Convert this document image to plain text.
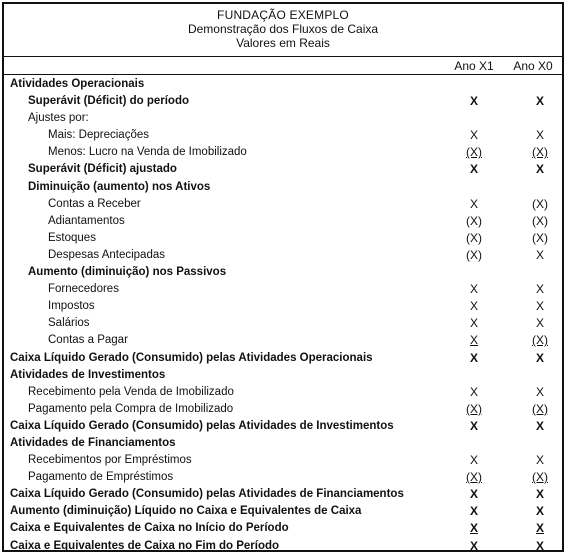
FUNDAÇÃO EXEMPLO
Demonstração dos Fluxos de Caixa
Valores em Reais
Ano X1	Ano X0
Atividades Operacionais
Superávit (Déficit) do período	X	X
Ajustes por:
Mais: Depreciações	X	X
Menos: Lucro na Venda de Imobilizado	(X)	(X)
Superávit (Déficit) ajustado	X	X
Diminuição (aumento) nos Ativos
Contas a Receber	X	(X)
Adiantamentos	(X)	(X)
Estoques	(X)	(X)
Despesas Antecipadas	(X)	X
Aumento (diminuição) nos Passivos
Fornecedores	X	X
Impostos	X	X
Salários	X	X
Contas a Pagar	X	(X)
Caixa Líquido Gerado (Consumido) pelas Atividades Operacionais	X	X
Atividades de Investimentos
Recebimento pela Venda de Imobilizado	X	X
Pagamento pela Compra de Imobilizado	(X)	(X)
Caixa Líquido Gerado (Consumido) pelas Atividades de Investimentos	X	X
Atividades de Financiamentos
Recebimentos por Empréstimos	X	X
Pagamento de Empréstimos	(X)	(X)
Caixa Líquido Gerado (Consumido) pelas Atividades de Financiamentos	X	X
Aumento (diminuição) Líquido no Caixa e Equivalentes de Caixa	X	X
Caixa e Equivalentes de Caixa no Início do Período	X	X
Caixa e Equivalentes de Caixa no Fim do Período	X	X
